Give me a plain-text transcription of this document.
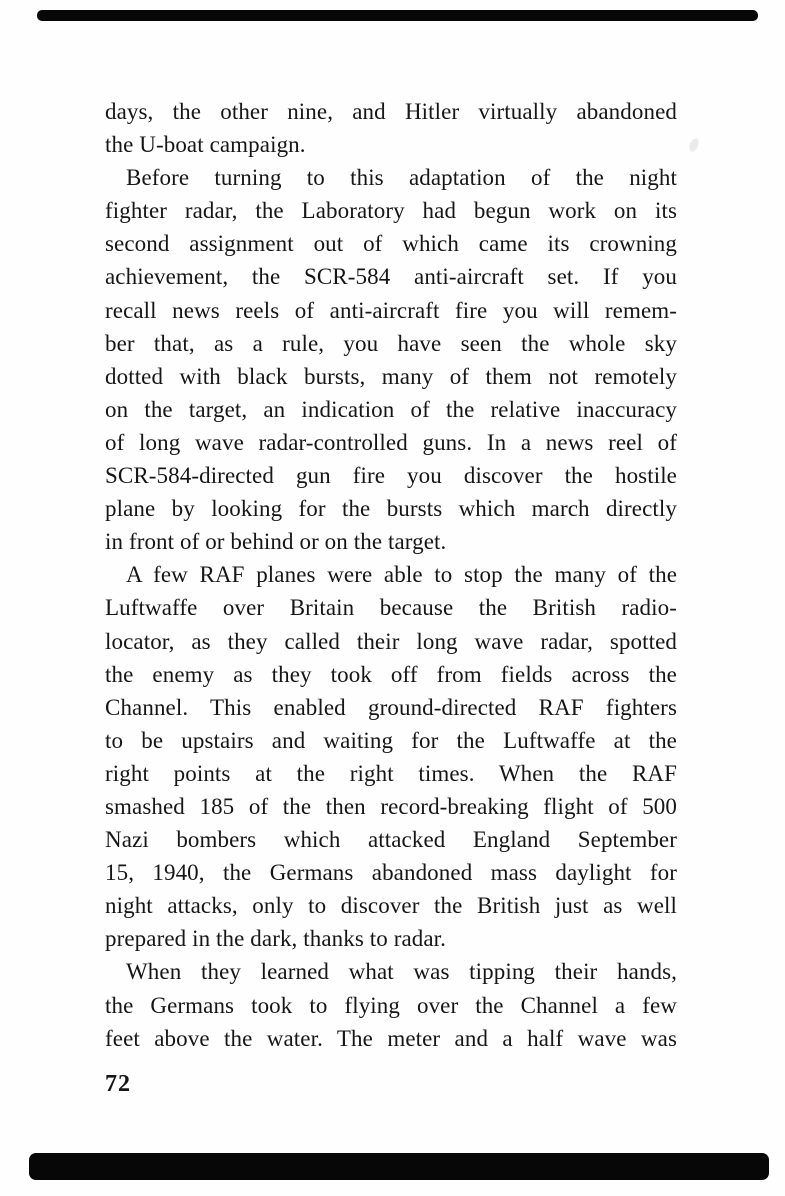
days, the other nine, and Hitler virtually abandoned
the U-boat campaign.
Before turning to this adaptation of the night
fighter radar, the Laboratory had begun work on its
second assignment out of which came its crowning
achievement, the SCR-584 anti-aircraft set. If you
recall news reels of anti-aircraft fire you will remem-
ber that, as a rule, you have seen the whole sky
dotted with black bursts, many of them not remotely
on the target, an indication of the relative inaccuracy
of long wave radar-controlled guns. In a news reel of
SCR-584-directed gun fire you discover the hostile
plane by looking for the bursts which march directly
in front of or behind or on the target.
A few RAF planes were able to stop the many of the
Luftwaffe over Britain because the British radio-
locator, as they called their long wave radar, spotted
the enemy as they took off from fields across the
Channel. This enabled ground-directed RAF fighters
to be upstairs and waiting for the Luftwaffe at the
right points at the right times. When the RAF
smashed 185 of the then record-breaking flight of 500
Nazi bombers which attacked England September
15, 1940, the Germans abandoned mass daylight for
night attacks, only to discover the British just as well
prepared in the dark, thanks to radar.
When they learned what was tipping their hands,
the Germans took to flying over the Channel a few
feet above the water. The meter and a half wave was
72
